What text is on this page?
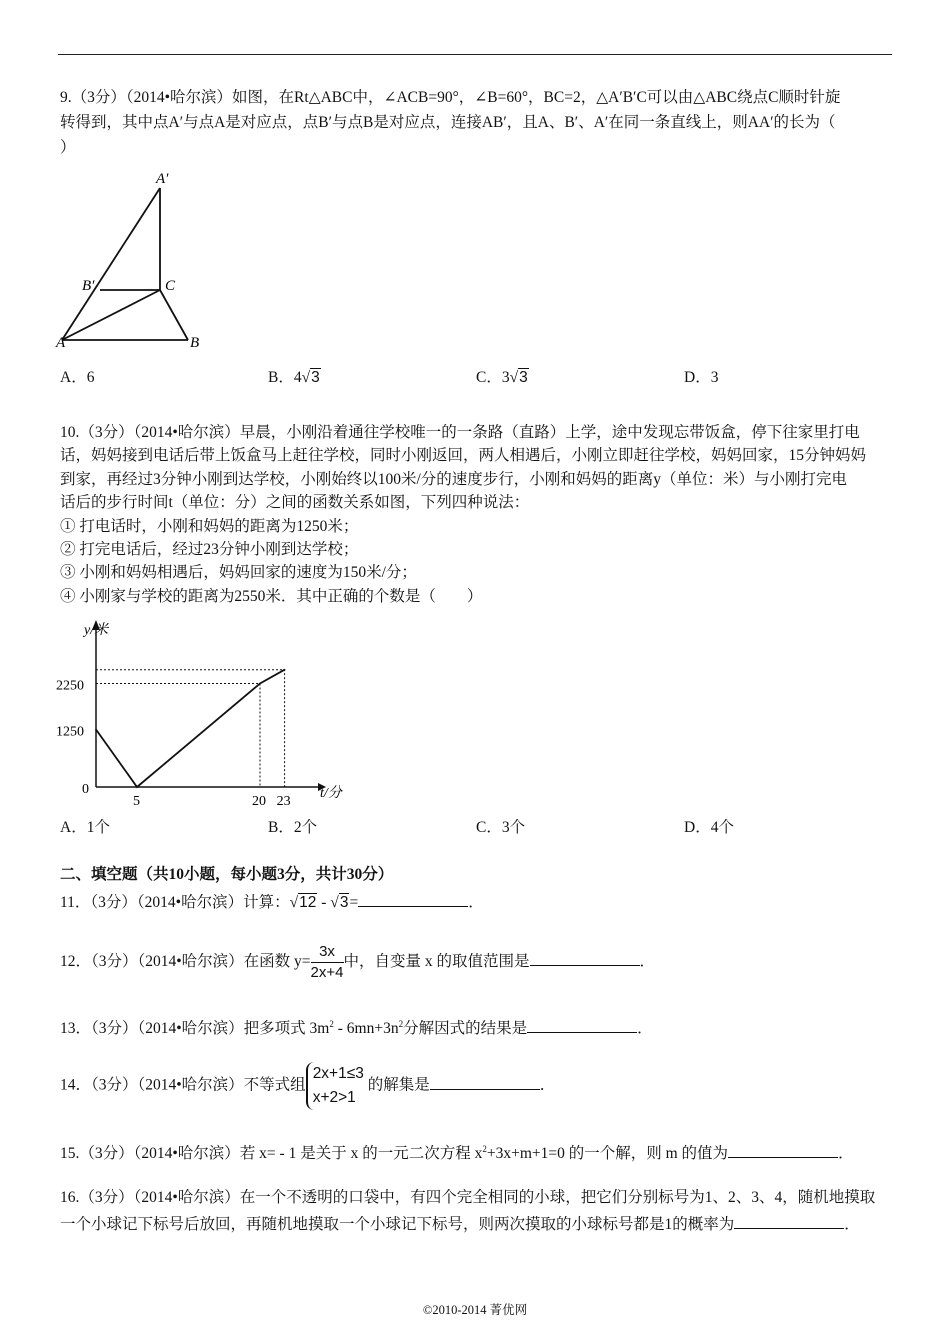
9.（3分）（2014•哈尔滨）如图，在Rt△ABC中，∠ACB=90°，∠B=60°，BC=2，△A′B′C可以由△ABC绕点C顺时针旋
转得到，其中点A′与点A是对应点，点B′与点B是对应点，连接AB′，且A、B′、A′在同一条直线上，则AA′的长为（
）
A′
B′	C
A	B
A．6	B．4√3	C．3√3	D．3
10.（3分）（2014•哈尔滨）早晨，小刚沿着通往学校唯一的一条路（直路）上学，途中发现忘带饭盒，停下往家里打电
话，妈妈接到电话后带上饭盒马上赶往学校，同时小刚返回，两人相遇后，小刚立即赶往学校，妈妈回家，15分钟妈妈
到家，再经过3分钟小刚到达学校，小刚始终以100米/分的速度步行，小刚和妈妈的距离y（单位：米）与小刚打完电
话后的步行时间t（单位：分）之间的函数关系如图，下列四种说法：
① 打电话时，小刚和妈妈的距离为1250米；
② 打完电话后，经过23分钟小刚到达学校；
③ 小刚和妈妈相遇后，妈妈回家的速度为150米/分；
④ 小刚家与学校的距离为2550米．其中正确的个数是（　　）
0
5	20 23
1250
2250
y/米
t/分
A．1个	B．2个	C．3个	D．4个
二、填空题（共10小题，每小题3分，共计30分）
11．（3分）（2014•哈尔滨）计算：√12 - √3=	．
12．（3分）（2014•哈尔滨）在函数 $y= \frac{3x}{2x+4}$ 中，自变量 x 的取值范围是	．
13．（3分）（2014•哈尔滨）把多项式 $3m^2 - 6mn+3n^2$分解因式的结果是	．
14．（3分）（2014•哈尔滨）不等式组
2x+1≤3
x+2>1
的解集是	．
15.（3分）（2014•哈尔滨）若 x= - 1 是关于 x 的一元二次方程 $x^2+3x+m+1=0$ 的一个解，则 m 的值为	．
16.（3分）（2014•哈尔滨）在一个不透明的口袋中，有四个完全相同的小球，把它们分别标号为1、2、3、4，随机地摸取
一个小球记下标号后放回，再随机地摸取一个小球记下标号，则两次摸取的小球标号都是1的概率为	．
©2010-2014 菁优网
